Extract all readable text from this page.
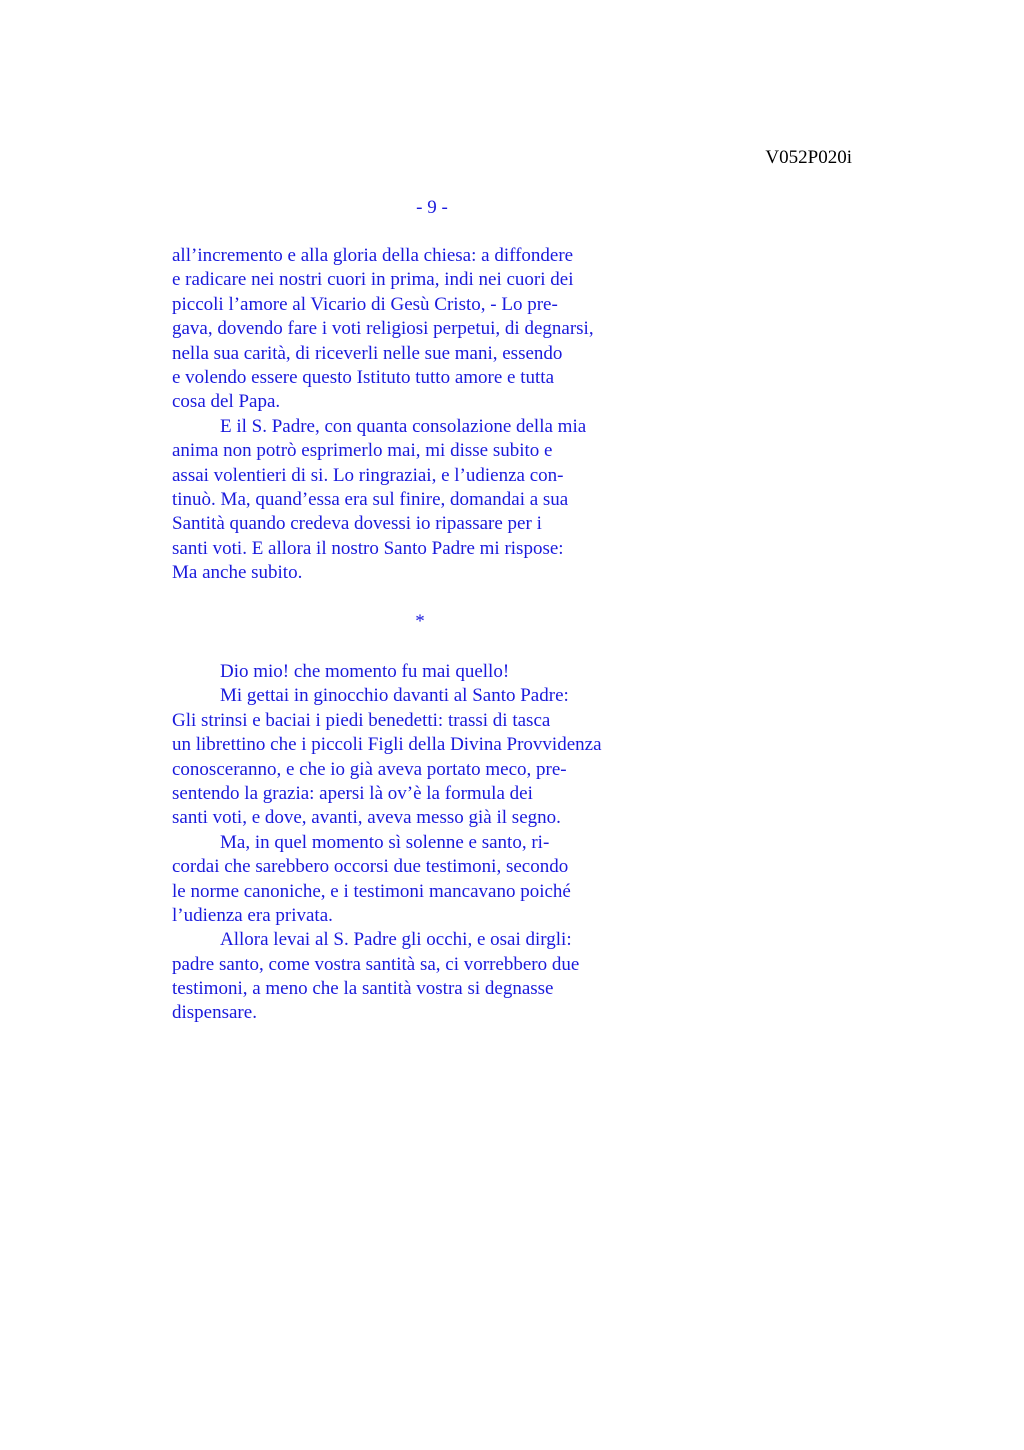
V052P020i
- 9 -
all’incremento e alla gloria della chiesa: a diffondere
e radicare nei nostri cuori in prima, indi nei cuori dei
piccoli l’amore al Vicario di Gesù Cristo, - Lo pre-
gava, dovendo fare i voti religiosi perpetui, di degnarsi,
nella sua carità, di riceverli nelle sue mani, essendo
e volendo essere questo Istituto tutto amore e tutta
cosa del Papa.
E il S. Padre, con quanta consolazione della mia
anima non potrò esprimerlo mai, mi disse subito e
assai volentieri di si. Lo ringraziai, e l’udienza con-
tinuò. Ma, quand’essa era sul finire, domandai a sua
Santità quando credeva dovessi io ripassare per i
santi voti. E allora il nostro Santo Padre mi rispose:
Ma anche subito.
*
Dio mio! che momento fu mai quello!
Mi gettai in ginocchio davanti al Santo Padre:
Gli strinsi e baciai i piedi benedetti: trassi di tasca
un librettino che i piccoli Figli della Divina Provvidenza
conosceranno, e che io già aveva portato meco, pre-
sentendo la grazia: apersi là ov’è la formula dei
santi voti, e dove, avanti, aveva messo già il segno.
Ma, in quel momento sì solenne e santo, ri-
cordai che sarebbero occorsi due testimoni, secondo
le norme canoniche, e i testimoni mancavano poiché
l’udienza era privata.
Allora levai al S. Padre gli occhi, e osai dirgli:
padre santo, come vostra santità sa, ci vorrebbero due
testimoni, a meno che la santità vostra si degnasse
dispensare.
